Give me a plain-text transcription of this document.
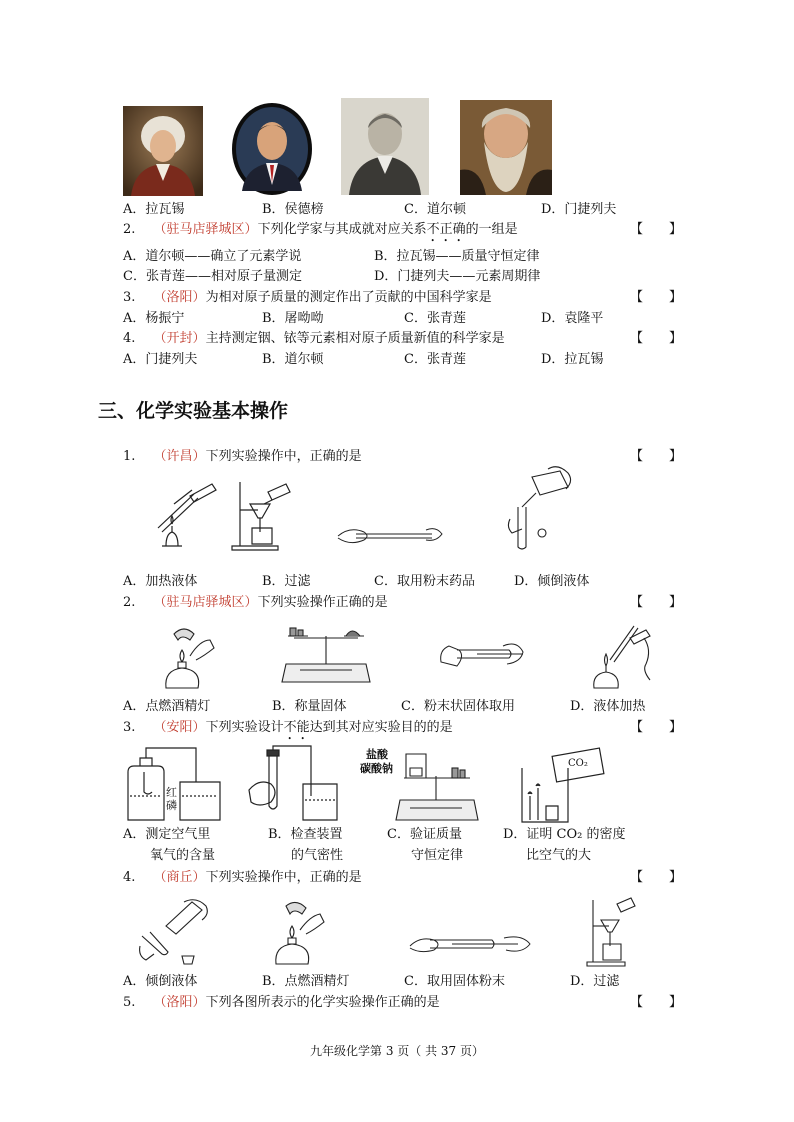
A．拉瓦锡	B．侯德榜	C．道尔顿	D．门捷列夫
2. （驻马店驿城区）下列化学家与其成就对应关系不正确的一组是	【　　】
A．道尔顿——确立了元素学说	B．拉瓦锡——质量守恒定律
C．张青莲——相对原子量测定	D．门捷列夫——元素周期律
3. （洛阳）为相对原子质量的测定作出了贡献的中国科学家是	【　　】
A．杨振宁	B．屠呦呦	C．张青莲	D．袁隆平
4. （开封）主持测定铟、铱等元素相对原子质量新值的科学家是	【　　】
A．门捷列夫	B．道尔顿	C．张青莲	D．拉瓦锡
三、化学实验基本操作
1. （许昌）下列实验操作中，正确的是	【　　】
A．加热液体	B．过滤	C．取用粉末药品	D．倾倒液体
2. （驻马店驿城区）下列实验操作正确的是	【　　】
A．点燃酒精灯	B．称量固体	C．粉末状固体取用	D．液体加热
3. （安阳）下列实验设计不能达到其对应实验目的的是	【　　】
红磷
盐酸
碳酸钠	CO₂
A．测定空气里
氧气的含量
B．检查装置
的气密性
C．验证质量
守恒定律
D．证明 CO₂ 的密度
比空气的大
4. （商丘）下列实验操作中，正确的是	【　　】
A．倾倒液体	B．点燃酒精灯	C．取用固体粉末	D．过滤
5. （洛阳）下列各图所表示的化学实验操作正确的是	【　　】
九年级化学第 3 页（ 共 37 页）
